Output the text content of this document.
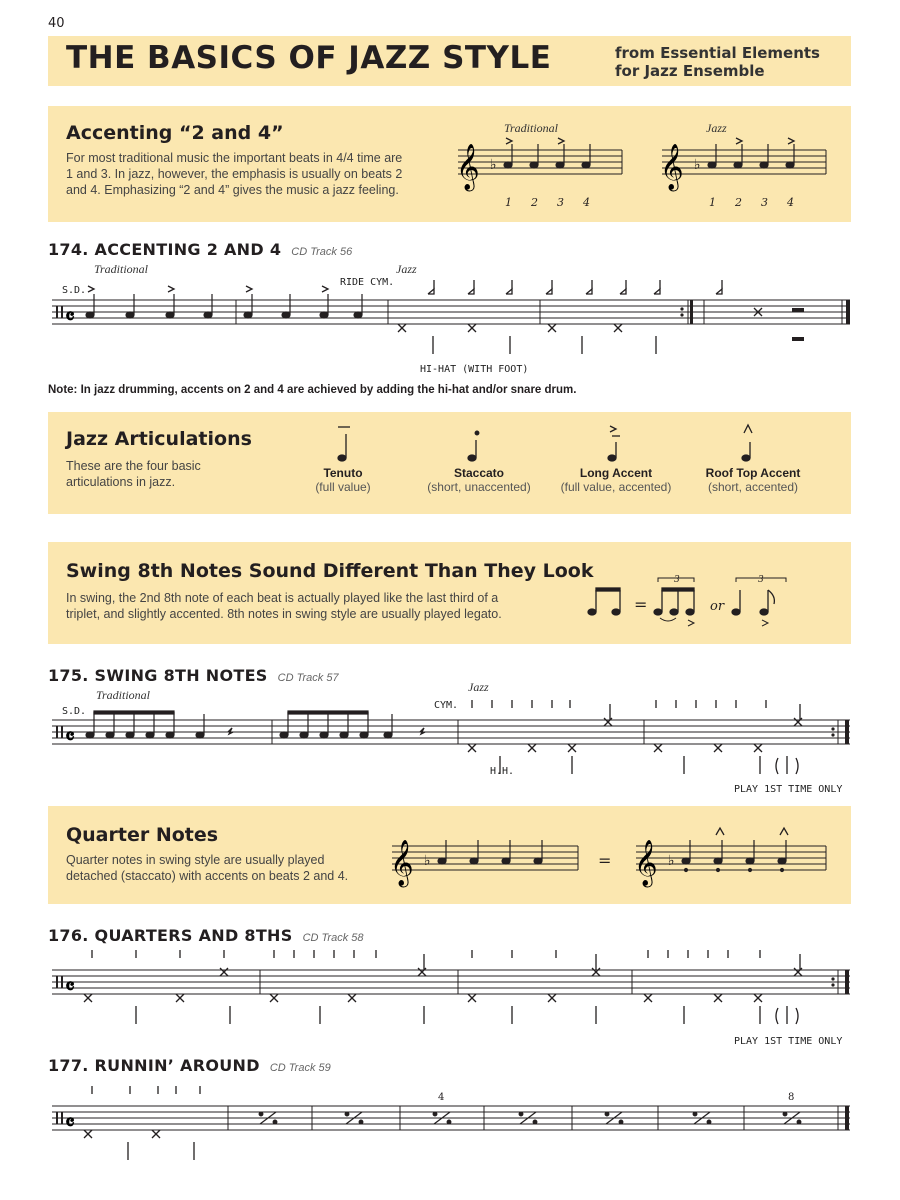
40
THE BASICS OF JAZZ STYLE	from Essential Elements
for Jazz Ensemble
Accenting “2 and 4”
For most traditional music the important beats in 4/4 time are
1 and 3. In jazz, however, the emphasis is usually on beats 2
and 4. Emphasizing “2 and 4” gives the music a jazz feeling.
Traditional	Jazz
𝄞	𝄞
♭	♭
1 2 3 4	1 2 3 4
174. ACCENTING 2 AND 4 CD Track 56
Traditional	Jazz
S.D.
RIDE CYM.
HI-HAT (WITH FOOT)
𝄴
Note: In jazz drumming, accents on 2 and 4 are achieved by adding the hi-hat and/or snare drum.
Jazz Articulations
These are the four basic
articulations in jazz.
Tenuto
(full value)
Staccato
(short, unaccented)
Long Accent
(full value, accented)
Roof Top Accent
(short, accented)
Swing 8th Notes Sound Different Than They Look
In swing, the 2nd 8th note of each beat is actually played like the last third of a
triplet, and slightly accented. 8th notes in swing style are usually played legato.	=	or
3	3
175. SWING 8TH NOTES CD Track 57
Traditional
Jazz
S.D.
CYM.
H.H.
PLAY 1ST TIME ONLY
𝄴
Quarter Notes
Quarter notes in swing style are usually played
detached (staccato) with accents on beats 2 and 4. 𝄞	𝄞
=
♭	♭
176. QUARTERS AND 8THS CD Track 58
PLAY 1ST TIME ONLY
𝄴
177. RUNNIN’ AROUND CD Track 59
𝄴
4	8
